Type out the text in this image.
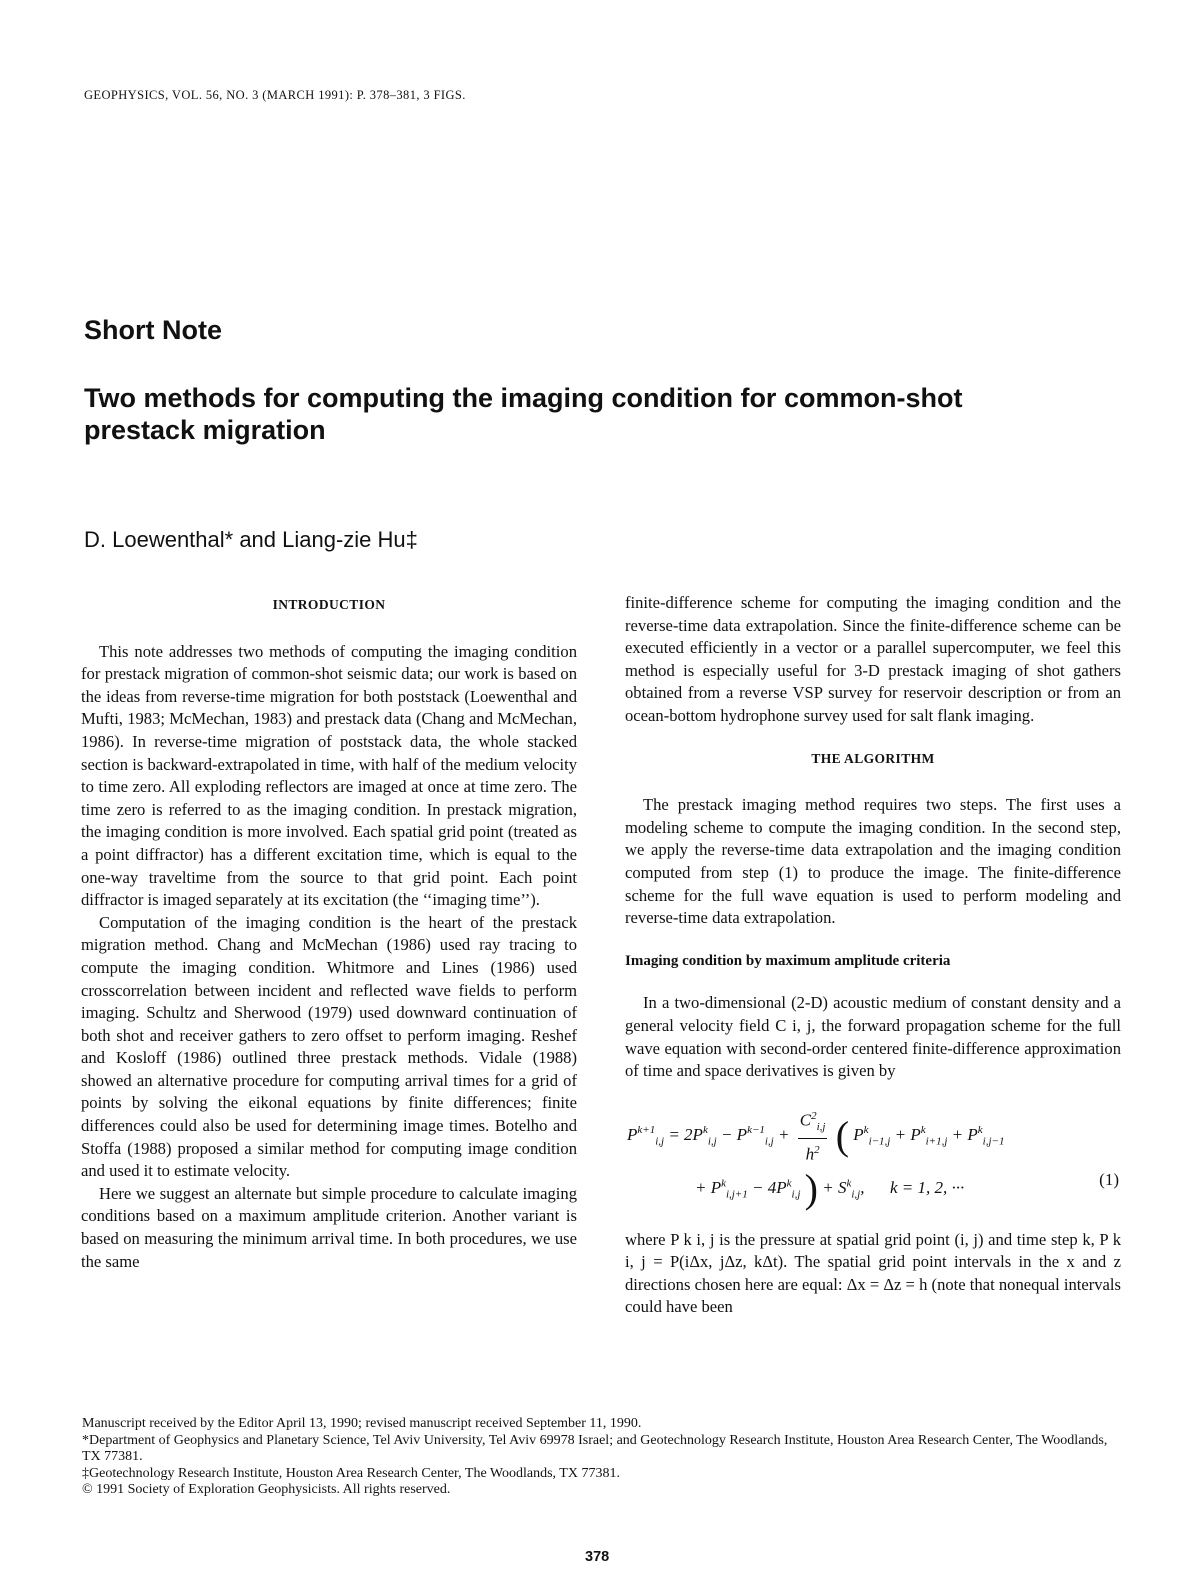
GEOPHYSICS, VOL. 56, NO. 3 (MARCH 1991): P. 378–381, 3 FIGS.
Short Note
Two methods for computing the imaging condition for common-shot prestack migration
D. Loewenthal* and Liang-zie Hu‡
INTRODUCTION

This note addresses two methods of computing the imaging condition for prestack migration of common-shot seismic data; our work is based on the ideas from reverse-time migration for both poststack (Loewenthal and Mufti, 1983; McMechan, 1983) and prestack data (Chang and McMechan, 1986). In reverse-time migration of poststack data, the whole stacked section is backward-extrapolated in time, with half of the medium velocity to time zero. All exploding reflectors are imaged at once at time zero. The time zero is referred to as the imaging condition. In prestack migration, the imaging condition is more involved. Each spatial grid point (treated as a point diffractor) has a different excitation time, which is equal to the one-way traveltime from the source to that grid point. Each point diffractor is imaged separately at its excitation (the ‘‘imaging time’’).

Computation of the imaging condition is the heart of the prestack migration method. Chang and McMechan (1986) used ray tracing to compute the imaging condition. Whitmore and Lines (1986) used crosscorrelation between incident and reflected wave fields to perform imaging. Schultz and Sherwood (1979) used downward continuation of both shot and receiver gathers to zero offset to perform imaging. Reshef and Kosloff (1986) outlined three prestack methods. Vidale (1988) showed an alternative procedure for computing arrival times for a grid of points by solving the eikonal equations by finite differences; finite differences could also be used for determining image times. Botelho and Stoffa (1988) proposed a similar method for computing image condition and used it to estimate velocity.

Here we suggest an alternate but simple procedure to calculate imaging conditions based on a maximum amplitude criterion. Another variant is based on measuring the minimum arrival time. In both procedures, we use the same

finite-difference scheme for computing the imaging condition and the reverse-time data extrapolation. Since the finite-difference scheme can be executed efficiently in a vector or a parallel supercomputer, we feel this method is especially useful for 3-D prestack imaging of shot gathers obtained from a reverse VSP survey for reservoir description or from an ocean-bottom hydrophone survey used for salt flank imaging.

THE ALGORITHM

The prestack imaging method requires two steps. The first uses a modeling scheme to compute the imaging condition. In the second step, we apply the reverse-time data extrapolation and the imaging condition computed from step (1) to produce the image. The finite-difference scheme for the full wave equation is used to perform modeling and reverse-time data extrapolation.

Imaging condition by maximum amplitude criteria

In a two-dimensional (2-D) acoustic medium of constant density and a general velocity field C i, j, the forward propagation scheme for the full wave equation with second-order centered finite-difference approximation of time and space derivatives is given by

$P^{k+1}_{i,j} = 2P^k_{i,j} - P^{k-1}_{i,j} + \frac{C^2_{i,j}}{h^2}$ ( $P^k_{i-1,j} + P^k_{i+1,j} + P^k_{i,j-1}$
+ $P^k_{i,j+1} - 4P^k_{i,j}$ ) + $S^k_{i,j}$,      k = 1, 2, ···	(1)

where P k i, j is the pressure at spatial grid point (i, j) and time step k, P k i, j = P(iΔx, jΔz, kΔt). The spatial grid point intervals in the x and z directions chosen here are equal: Δx = Δz = h (note that nonequal intervals could have been

Manuscript received by the Editor April 13, 1990; revised manuscript received September 11, 1990.

*Department of Geophysics and Planetary Science, Tel Aviv University, Tel Aviv 69978 Israel; and Geotechnology Research Institute, Houston Area Research Center, The Woodlands, TX 77381.

‡Geotechnology Research Institute, Houston Area Research Center, The Woodlands, TX 77381.

© 1991 Society of Exploration Geophysicists. All rights reserved.

378
